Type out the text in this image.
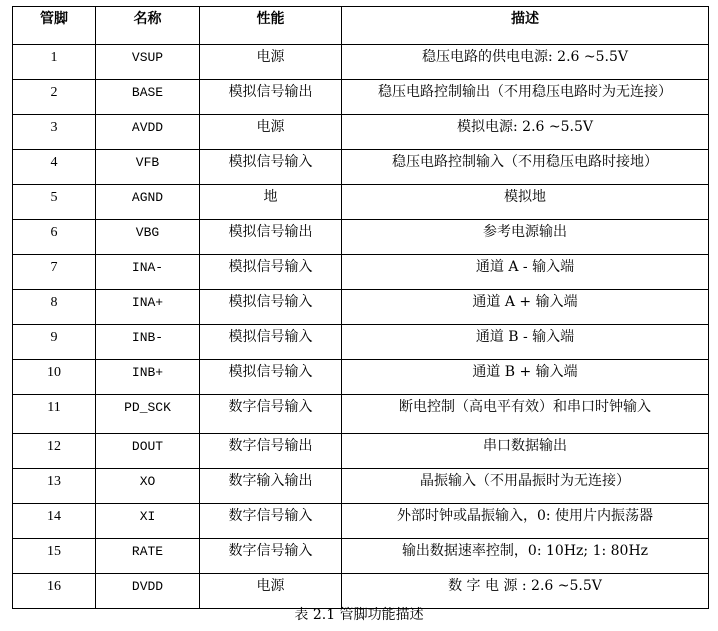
管脚	名称	性能	描述
1	VSUP	电源	稳压电路的供电电源: 2.6 ~5.5V
2	BASE	模拟信号输出	稳压电路控制输出（不用稳压电路时为无连接）
3	AVDD	电源	模拟电源: 2.6 ~5.5V
4	VFB	模拟信号输入	稳压电路控制输入（不用稳压电路时接地）
5	AGND	地	模拟地
6	VBG	模拟信号输出	参考电源输出
7	INA-	模拟信号输入	通道 A - 输入端
8	INA+	模拟信号输入	通道 A + 输入端
9	INB-	模拟信号输入	通道 B - 输入端
10	INB+	模拟信号输入	通道 B + 输入端
11	PD_SCK	数字信号输入	断电控制（高电平有效）和串口时钟输入
12	DOUT	数字信号输出	串口数据输出
13	XO	数字输入输出	晶振输入（不用晶振时为无连接）
14	XI	数字信号输入	外部时钟或晶振输入，0: 使用片内振荡器
15	RATE	数字信号输入	输出数据速率控制，0: 10Hz; 1: 80Hz
16	DVDD	电源	数 字 电 源 : 2.6 ~5.5V
表 2.1 管脚功能描述
